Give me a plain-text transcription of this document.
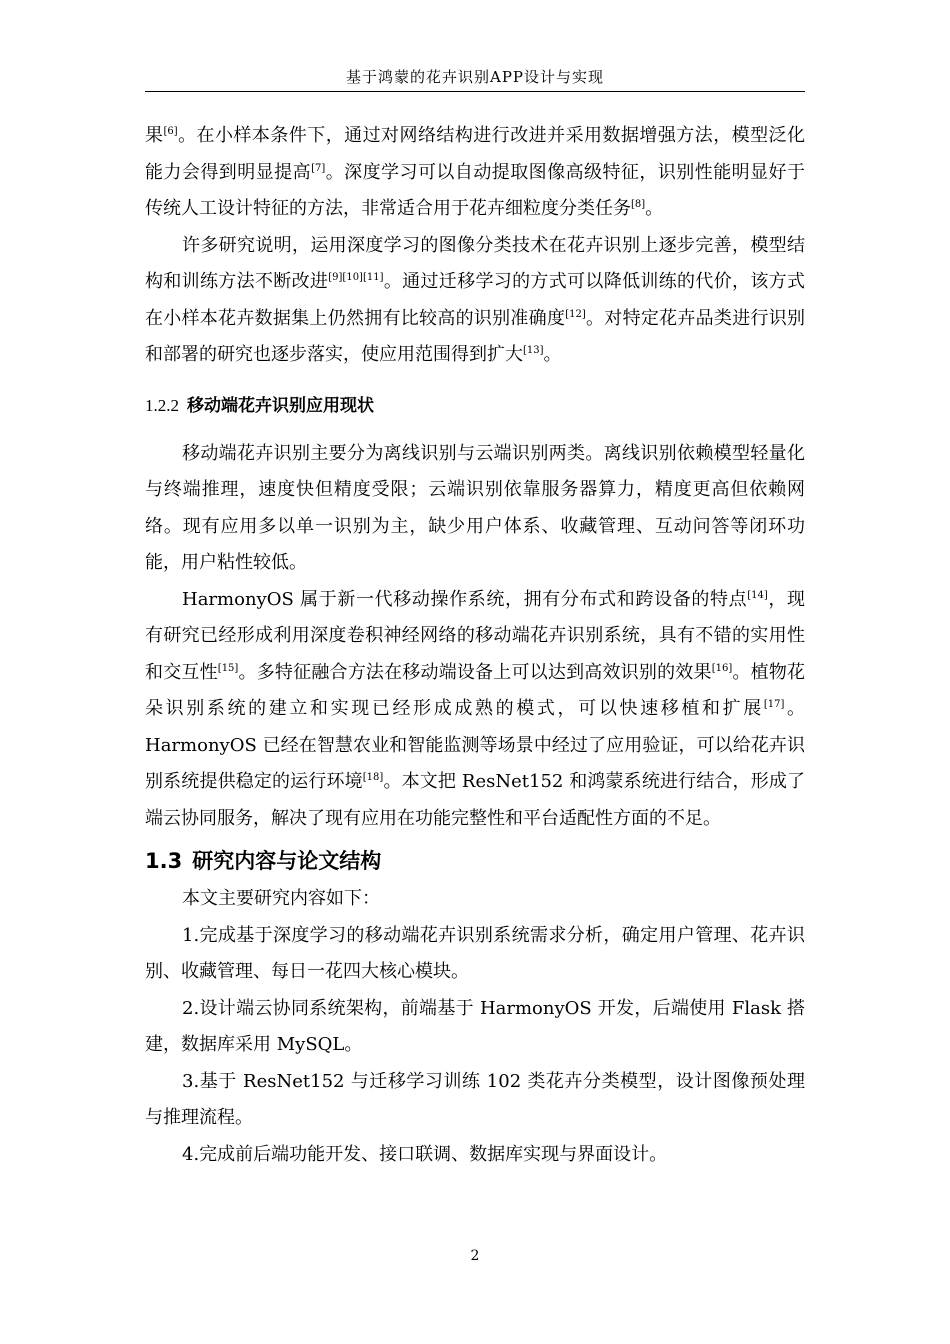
基于鸿蒙的花卉识别APP设计与实现

果[6]。在小样本条件下，通过对网络结构进行改进并采用数据增强方法，模型泛化能力会得到明显提高[7]。深度学习可以自动提取图像高级特征，识别性能明显好于传统人工设计特征的方法，非常适合用于花卉细粒度分类任务[8]。

许多研究说明，运用深度学习的图像分类技术在花卉识别上逐步完善，模型结构和训练方法不断改进[9][10][11]。通过迁移学习的方式可以降低训练的代价，该方式在小样本花卉数据集上仍然拥有比较高的识别准确度[12]。对特定花卉品类进行识别和部署的研究也逐步落实，使应用范围得到扩大[13]。

1.2.2 移动端花卉识别应用现状

移动端花卉识别主要分为离线识别与云端识别两类。离线识别依赖模型轻量化与终端推理，速度快但精度受限；云端识别依靠服务器算力，精度更高但依赖网络。现有应用多以单一识别为主，缺少用户体系、收藏管理、互动问答等闭环功能，用户粘性较低。

HarmonyOS 属于新一代移动操作系统，拥有分布式和跨设备的特点[14]，现有研究已经形成利用深度卷积神经网络的移动端花卉识别系统，具有不错的实用性和交互性[15]。多特征融合方法在移动端设备上可以达到高效识别的效果[16]。植物花朵识别系统的建立和实现已经形成成熟的模式，可以快速移植和扩展[17]。HarmonyOS 已经在智慧农业和智能监测等场景中经过了应用验证，可以给花卉识别系统提供稳定的运行环境[18]。本文把 ResNet152 和鸿蒙系统进行结合，形成了端云协同服务，解决了现有应用在功能完整性和平台适配性方面的不足。

1.3 研究内容与论文结构

本文主要研究内容如下：

1.完成基于深度学习的移动端花卉识别系统需求分析，确定用户管理、花卉识别、收藏管理、每日一花四大核心模块。

2.设计端云协同系统架构，前端基于 HarmonyOS 开发，后端使用 Flask 搭建，数据库采用 MySQL。

3.基于 ResNet152 与迁移学习训练 102 类花卉分类模型，设计图像预处理与推理流程。

4.完成前后端功能开发、接口联调、数据库实现与界面设计。

2
